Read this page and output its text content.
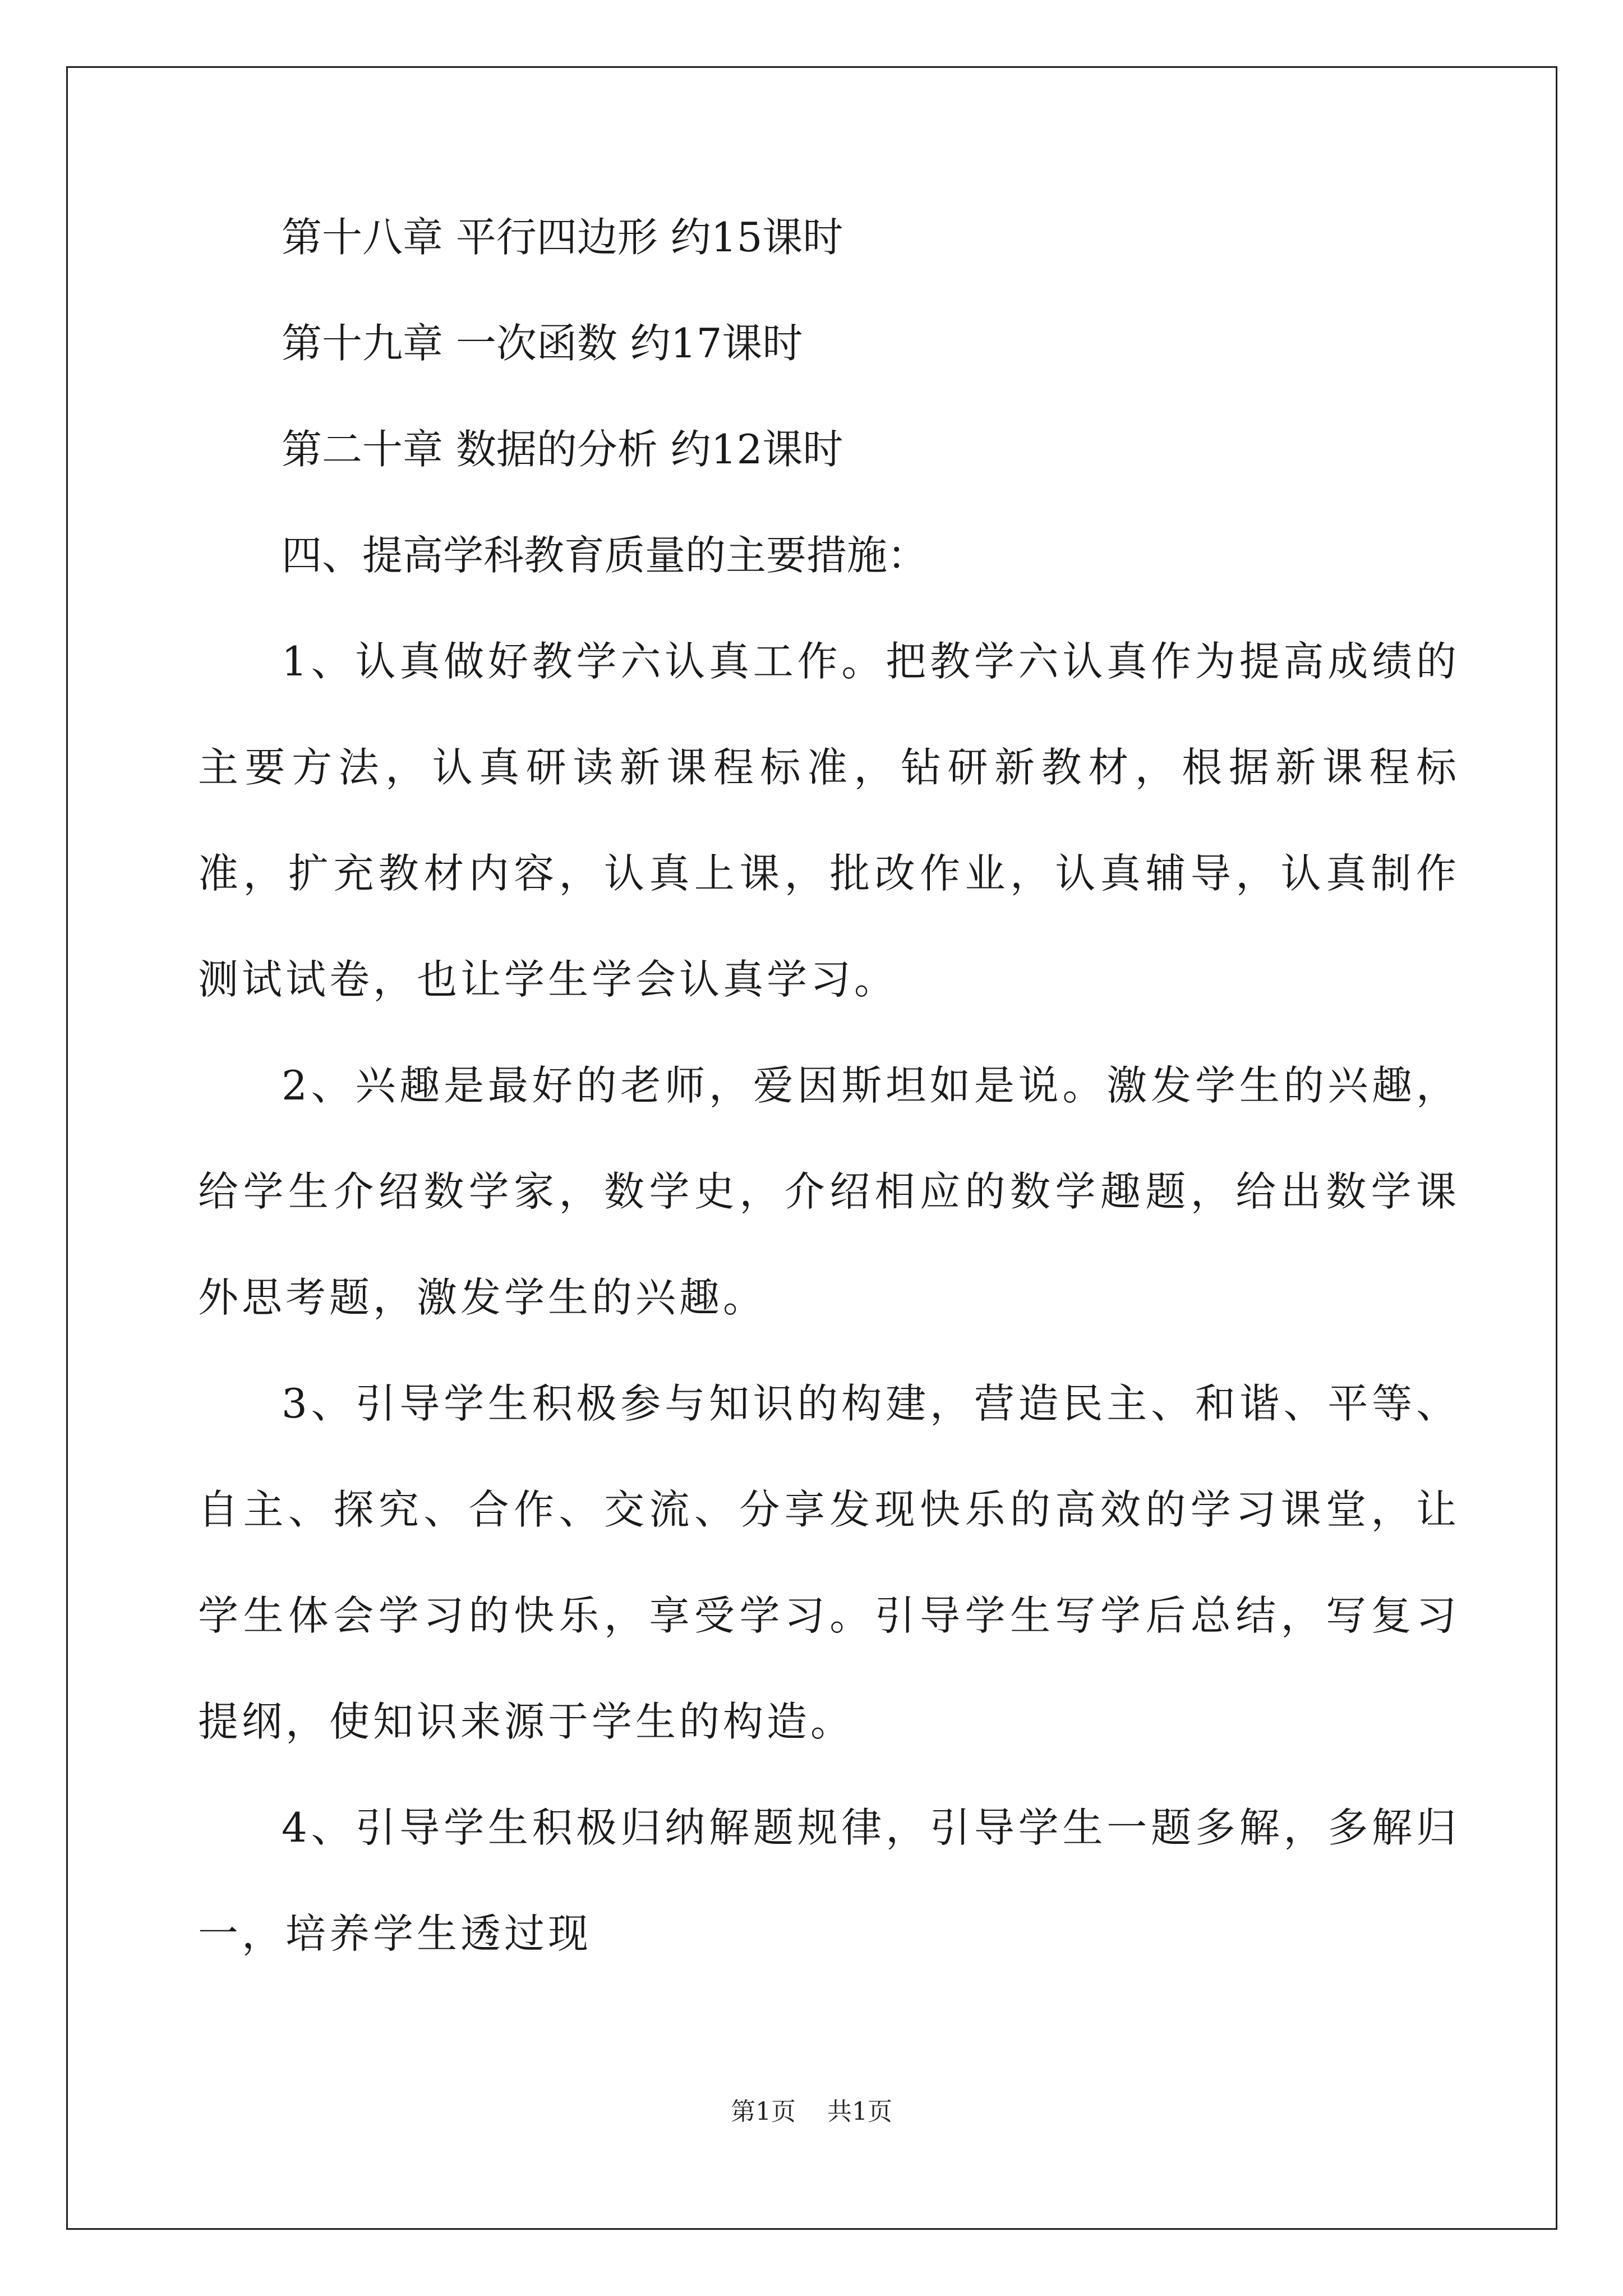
第十八章 平行四边形 约15课时
第十九章 一次函数 约17课时
第二十章 数据的分析 约12课时
四、提高学科教育质量的主要措施：

1、认真做好教学六认真工作。把教学六认真作为提高成绩的主要方法，认真研读新课程标准，钻研新教材，根据新课程标准，扩充教材内容，认真上课，批改作业，认真辅导，认真制作测试试卷，也让学生学会认真学习。

2、兴趣是最好的老师，爱因斯坦如是说。激发学生的兴趣，给学生介绍数学家，数学史，介绍相应的数学趣题，给出数学课外思考题，激发学生的兴趣。

3、引导学生积极参与知识的构建，营造民主、和谐、平等、自主、探究、合作、交流、分享发现快乐的高效的学习课堂，让学生体会学习的快乐，享受学习。引导学生写学后总结，写复习提纲，使知识来源于学生的构造。

4、引导学生积极归纳解题规律，引导学生一题多解，多解归一，培养学生透过现

第1页 共1页
